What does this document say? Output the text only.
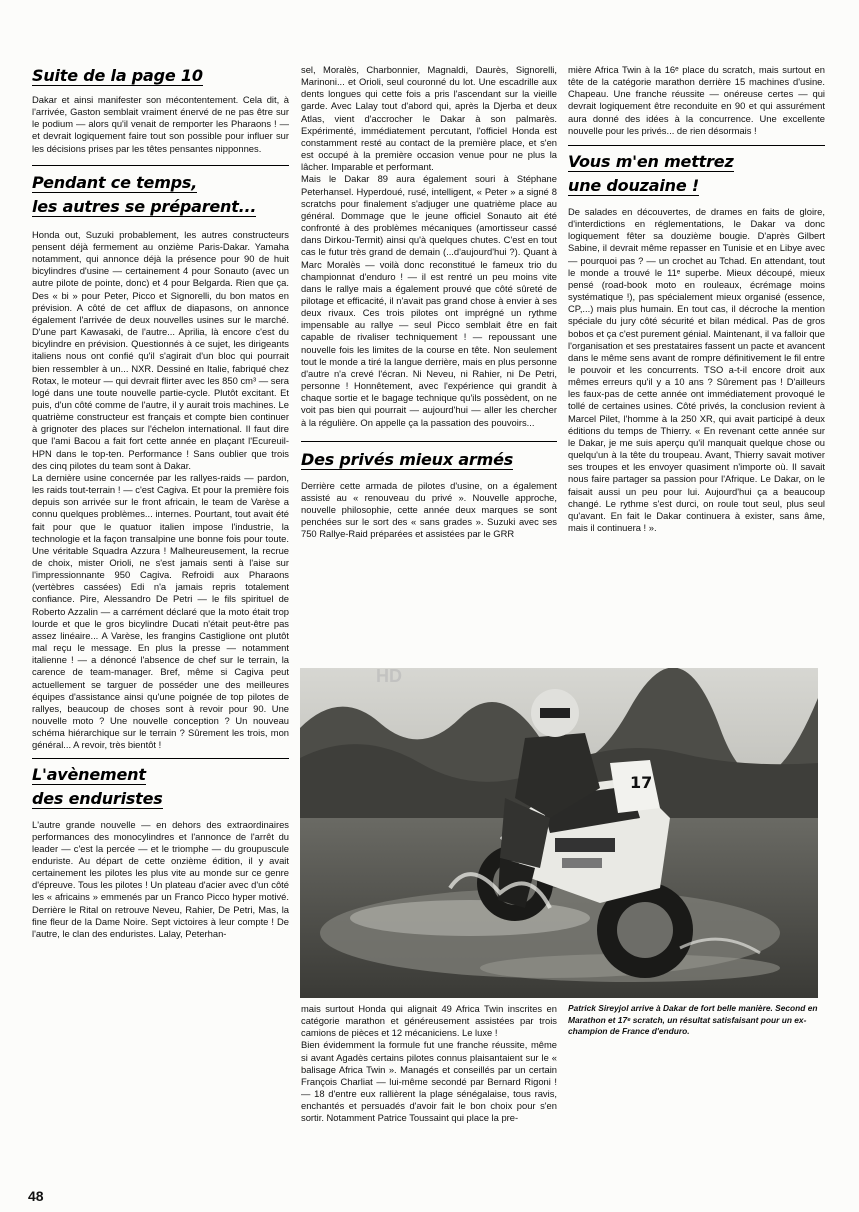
Suite de la page 10

Dakar et ainsi manifester son mécontentement. Cela dit, à l'arrivée, Gaston semblait vraiment énervé de ne pas être sur le podium — alors qu'il venait de remporter les Pharaons ! — et devrait logiquement faire tout son possible pour influer sur les décisions prises par les têtes pensantes nipponnes.

Pendant ce temps,
les autres se préparent...

Honda out, Suzuki probablement, les autres constructeurs pensent déjà fermement au onzième Paris-Dakar. Yamaha notamment, qui annonce déjà la présence pour 90 de huit bicylindres d'usine — certainement 4 pour Sonauto (avec un autre pilote de pointe, donc) et 4 pour Belgarda. Rien que ça. Des « bi » pour Peter, Picco et Signorelli, du bon matos en prévision. A côté de cet afflux de diapasons, on annonce également l'arrivée de deux nouvelles usines sur le marché. D'une part Kawasaki, de l'autre... Aprilia, là encore c'est du bicylindre en prévision. Questionnés à ce sujet, les dirigeants italiens nous ont confié qu'il s'agirait d'un bloc qui pourrait bien ressembler à un... NXR. Dessiné en Italie, fabriqué chez Rotax, le moteur — qui devrait flirter avec les 850 cm³ — sera logé dans une toute nouvelle partie-cycle. Plutôt excitant. Et puis, d'un côté comme de l'autre, il y aurait trois machines. Le quatrième constructeur est français et compte bien continuer à grignoter des places sur l'échelon international. Il faut dire que l'ami Bacou a fait fort cette année en plaçant l'Ecureuil-HPN dans le top-ten. Performance ! Sans oublier que trois des cinq pilotes du team sont à Dakar.

La dernière usine concernée par les rallyes-raids — pardon, les raids tout-terrain ! — c'est Cagiva. Et pour la première fois depuis son arrivée sur le front africain, le team de Varèse a connu quelques problèmes... internes. Pourtant, tout avait été fait pour que le quatuor italien impose l'industrie, la technologie et la façon transalpine une bonne fois pour toute. Une véritable Squadra Azzura ! Malheureusement, la recrue de choix, mister Orioli, ne s'est jamais senti à l'aise sur l'impressionnante 950 Cagiva. Refroidi aux Pharaons (vertèbres cassées) Edi n'a jamais repris totalement confiance. Pire, Alessandro De Petri — le fils spirituel de Roberto Azzalin — a carrément déclaré que la moto était trop lourde et que le gros bicylindre Ducati n'était peut-être pas assez linéaire... A Varèse, les frangins Castiglione ont plutôt mal reçu le message. En plus la presse — notamment italienne ! — a dénoncé l'absence de chef sur le terrain, la carence de team-manager. Bref, même si Cagiva peut actuellement se targuer de posséder une des meilleures équipes d'assistance ainsi qu'une poignée de top pilotes de rallyes, beaucoup de choses sont à revoir pour 90. Une nouvelle moto ? Une nouvelle conception ? Un nouveau schéma hiérarchique sur le terrain ? Sûrement les trois, mon général... A revoir, très bientôt !

L'avènement
des enduristes

L'autre grande nouvelle — en dehors des extraordinaires performances des monocylindres et l'annonce de l'arrêt du leader — c'est la percée — et le triomphe — du groupuscule enduriste. Au départ de cette onzième édition, il y avait certainement les pilotes les plus vite au monde sur ce genre d'épreuve. Tous les pilotes ! Un plateau d'acier avec d'un côté les « africains » emmenés par un Franco Picco hyper motivé. Derrière le Rital on retrouve Neveu, Rahier, De Petri, Mas, la fine fleur de la Dame Noire. Sept victoires à leur compte ! De l'autre, le clan des enduristes. Lalay, Peterhan-

sel, Moralès, Charbonnier, Magnaldi, Daurès, Signorelli, Marinoni... et Orioli, seul couronné du lot. Une escadrille aux dents longues qui cette fois a pris l'ascendant sur la vieille garde. Avec Lalay tout d'abord qui, après la Djerba et deux Atlas, vient d'accrocher le Dakar à son palmarès. Expérimenté, immédiatement percutant, l'officiel Honda est constamment resté au contact de la première place, et s'en est occupé à la première occasion venue pour ne plus la lâcher. Imparable et performant.

Mais le Dakar 89 aura également souri à Stéphane Peterhansel. Hyperdoué, rusé, intelligent, « Peter » a signé 8 scratchs pour finalement s'adjuger une quatrième place au général. Dommage que le jeune officiel Sonauto ait été confronté à des problèmes mécaniques (amortisseur cassé dans Dirkou-Termit) ainsi qu'à quelques chutes. C'est en tout cas le futur très grand de demain (...d'aujourd'hui ?). Quant à Marc Moralès — voilà donc reconstitué le fameux trio du championnat d'enduro ! — il est rentré un peu moins vite dans le rallye mais a également prouvé que côté sûreté de pilotage et efficacité, il n'avait pas grand chose à envier à ses deux rivaux. Ces trois pilotes ont imprégné un rythme impensable au rallye — seul Picco semblait être en fait capable de rivaliser techniquement ! — repoussant une nouvelle fois les limites de la course en tête. Non seulement tout le monde a tiré la langue derrière, mais en plus personne d'autre n'a crevé l'écran. Ni Neveu, ni Rahier, ni De Petri, personne ! Honnêtement, avec l'expérience qui grandit à chaque sortie et le bagage technique qu'ils possèdent, on ne voit pas bien qui pourrait — aujourd'hui — aller les chercher à la régulière. On appelle ça la passation des pouvoirs...

Des privés mieux armés

Derrière cette armada de pilotes d'usine, on a également assisté au « renouveau du privé ». Nouvelle approche, nouvelle philosophie, cette année deux marques se sont penchées sur le sort des « sans grades ». Suzuki avec ses 750 Rallye-Raid préparées et assistées par le GRR

mais surtout Honda qui alignait 49 Africa Twin inscrites en catégorie marathon et généreusement assistées par trois camions de pièces et 12 mécaniciens. Le luxe !

Bien évidemment la formule fut une franche réussite, même si avant Agadès certains pilotes connus plaisantaient sur le « balisage Africa Twin ». Managés et conseillés par un certain François Charliat — lui-même secondé par Bernard Rigoni ! — 18 d'entre eux rallièrent la plage sénégalaise, tous ravis, enchantés et persuadés d'avoir fait le bon choix pour s'en sortir. Notamment Patrice Toussaint qui place la pre-

mière Africa Twin à la 16ᵉ place du scratch, mais surtout en tête de la catégorie marathon derrière 15 machines d'usine. Chapeau. Une franche réussite — onéreuse certes — qui devrait logiquement être reconduite en 90 et qui assurément aura donné des idées à la concurrence. Une excellente nouvelle pour les privés... de rien désormais !

Vous m'en mettrez
une douzaine !

De salades en découvertes, de drames en faits de gloire, d'interdictions en réglementations, le Dakar va donc logiquement fêter sa douzième bougie. D'après Gilbert Sabine, il devrait même repasser en Tunisie et en Libye avec — pourquoi pas ? — un crochet au Tchad. En attendant, tout le monde a trouvé le 11ᵉ superbe. Mieux découpé, mieux pensé (road-book moto en rouleaux, écrémage moins systématique !), pas spécialement mieux organisé (essence, CP,...) mais plus humain. En tout cas, il décroche la mention spéciale du jury côté sécurité et bilan médical. Pas de gros bobos et ça c'est purement génial. Maintenant, il va falloir que l'organisation et ses prestataires fassent un pacte et avancent dans le même sens avant de rompre définitivement le fil entre le pouvoir et les concurrents. TSO a-t-il encore droit aux mêmes erreurs qu'il y a 10 ans ? Sûrement pas ! D'ailleurs les faux-pas de cette année ont immédiatement provoqué le tollé de certaines usines. Côté privés, la conclusion revient à Marcel Pilet, l'homme à la 250 XR, qui avait participé à deux éditions du temps de Thierry. « En revenant cette année sur le Dakar, je me suis aperçu qu'il manquait quelque chose ou quelqu'un à la tête du troupeau. Avant, Thierry savait motiver ses troupes et les envoyer quasiment n'importe où. Il savait nous faire partager sa passion pour l'Afrique. Le Dakar, on le faisait aussi un peu pour lui. Aujourd'hui ça a beaucoup changé. Le rythme s'est durci, on roule tout seul, plus seul qu'avant. En fait le Dakar continuera à exister, sans âme, mais il continuera ! ».

Patrick Sireyjol arrive à Dakar de fort belle manière. Second en Marathon et 17ᵉ scratch, un résultat satisfaisant pour un ex-champion de France d'enduro.

17
HD
48
